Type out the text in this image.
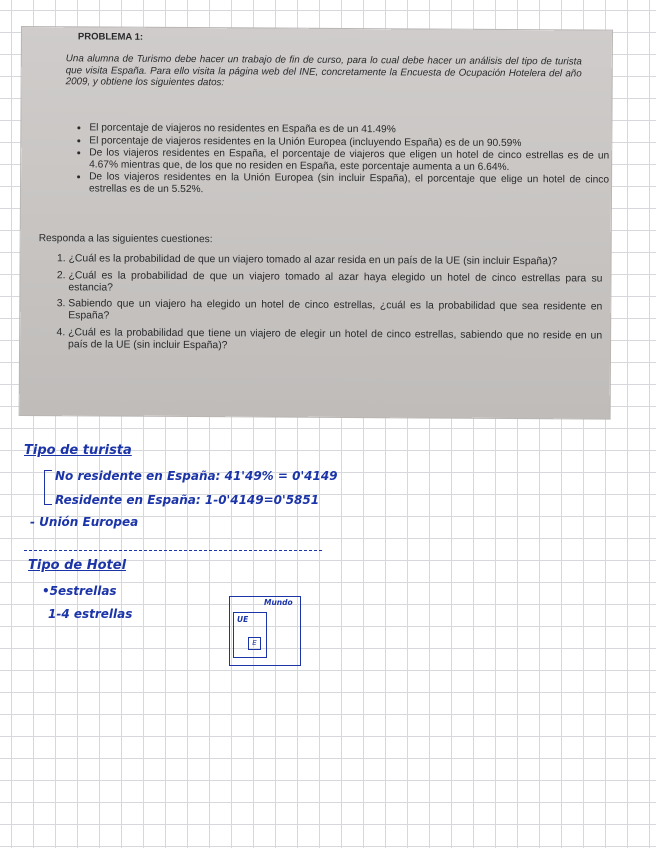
PROBLEMA 1:
Una alumna de Turismo debe hacer un trabajo de fin de curso, para lo cual debe hacer un análisis del tipo de turista que visita España. Para ello visita la página web del INE, concretamente la Encuesta de Ocupación Hotelera del año 2009, y obtiene los siguientes datos:
• El porcentaje de viajeros no residentes en España es de un 41.49%
• El porcentaje de viajeros residentes en la Unión Europea (incluyendo España) es de un 90.59%
• De los viajeros residentes en España, el porcentaje de viajeros que eligen un hotel de cinco estrellas es de un 4.67% mientras que, de los que no residen en España, este porcentaje aumenta a un 6.64%.
• De los viajeros residentes en la Unión Europea (sin incluir España), el porcentaje que elige un hotel de cinco estrellas es de un 5.52%.
Responda a las siguientes cuestiones:
1. ¿Cuál es la probabilidad de que un viajero tomado al azar resida en un país de la UE (sin incluir España)?
2. ¿Cuál es la probabilidad de que un viajero tomado al azar haya elegido un hotel de cinco estrellas para su estancia?
3. Sabiendo que un viajero ha elegido un hotel de cinco estrellas, ¿cuál es la probabilidad que sea residente en España?
4. ¿Cuál es la probabilidad que tiene un viajero de elegir un hotel de cinco estrellas, sabiendo que no reside en un país de la UE (sin incluir España)?
Tipo de turista
No residente en España: 41'49% = 0'4149
Residente en España: 1-0'4149=0'5851
- Unión Europea
Tipo de Hotel
•5estrellas
1-4 estrellas
Mundo
UE
E
